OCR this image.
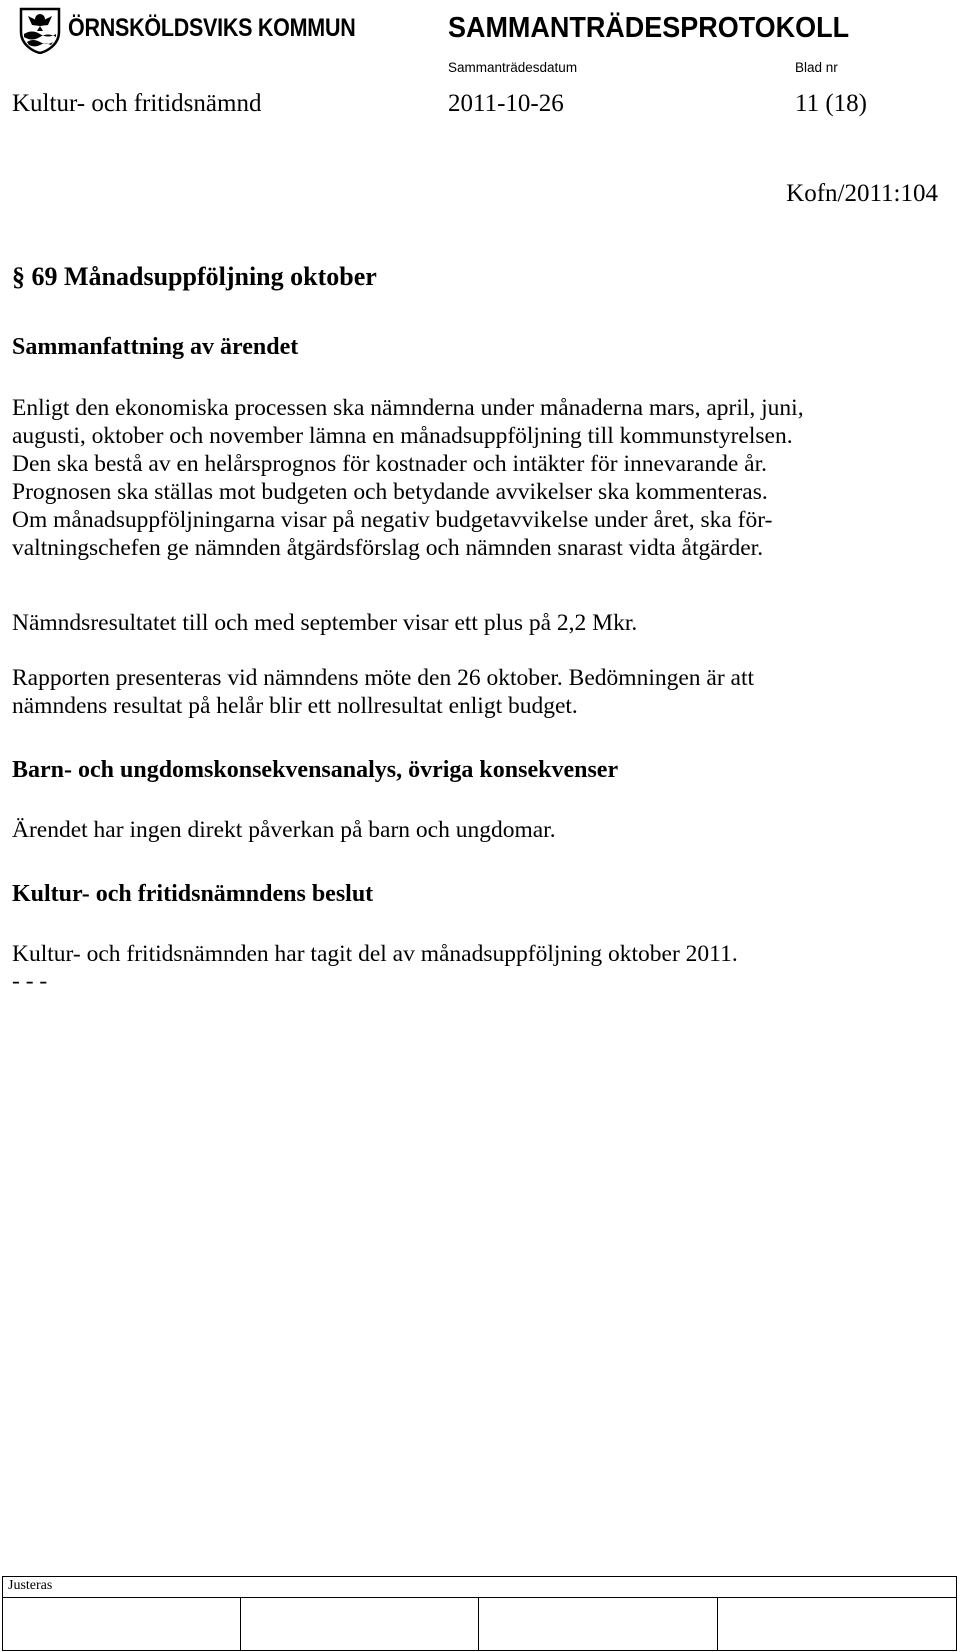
ÖRNSKÖLDSVIKS KOMMUN	SAMMANTRÄDESPROTOKOLL
Sammanträdesdatum	Blad nr
Kultur- och fritidsnämnd	2011-10-26	11 (18)
Kofn/2011:104
§ 69 Månadsuppföljning oktober
Sammanfattning av ärendet
Enligt den ekonomiska processen ska nämnderna under månaderna mars, april, juni,
augusti, oktober och november lämna en månadsuppföljning till kommunstyrelsen.
Den ska bestå av en helårsprognos för kostnader och intäkter för innevarande år.
Prognosen ska ställas mot budgeten och betydande avvikelser ska kommenteras.
Om månadsuppföljningarna visar på negativ budgetavvikelse under året, ska för-
valtningschefen ge nämnden åtgärdsförslag och nämnden snarast vidta åtgärder.
Nämndsresultatet till och med september visar ett plus på 2,2 Mkr.
Rapporten presenteras vid nämndens möte den 26 oktober. Bedömningen är att
nämndens resultat på helår blir ett nollresultat enligt budget.
Barn- och ungdomskonsekvensanalys, övriga konsekvenser
Ärendet har ingen direkt påverkan på barn och ungdomar.
Kultur- och fritidsnämndens beslut
Kultur- och fritidsnämnden har tagit del av månadsuppföljning oktober 2011.
- - -
Justeras
